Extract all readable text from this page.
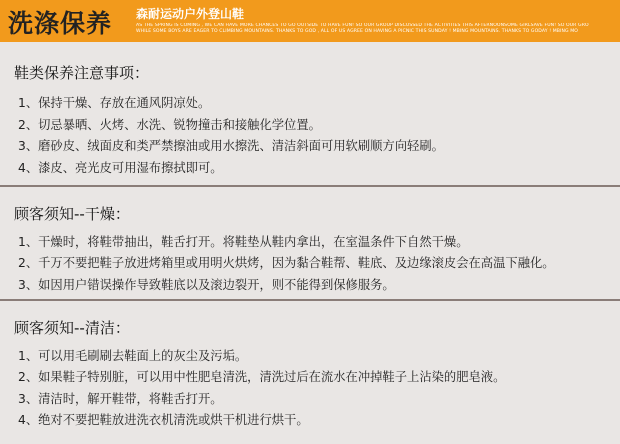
洗涤保养 森耐运动户外登山鞋
AS THE SPRING IS COMING , WE CAN HAVE MORE CHANCES TO GO OUTSIDE TO HAVE FUN! SO OUR GROUP DISCUSSED THE ACTIVITIES THIS AFTERNOONSOME GIRLSAVE FUN! SO OUR GRO
WHILE SOME BOYS ARE EAGER TO CLIMBING MOUNTAINS. THANKS TO GOD , ALL OF US AGREE ON HAVING A PICNIC THIS SUNDAY ! MBING MOUNTAINS. THANKS TO GODAY ! MBING MO
鞋类保养注意事项：
1、保持干燥、存放在通风阴凉处。
2、切忌暴晒、火烤、水洗、锐物撞击和接触化学位置。
3、磨砂皮、绒面皮和类严禁擦油或用水擦洗、清洁斜面可用软刷顺方向轻刷。
4、漆皮、亮光皮可用湿布擦拭即可。
顾客须知--干燥：
1、干燥时，将鞋带抽出，鞋舌打开。将鞋垫从鞋内拿出，在室温条件下自然干燥。
2、千万不要把鞋子放进烤箱里或用明火烘烤，因为黏合鞋帮、鞋底、及边缘滚皮会在高温下融化。
3、如因用户错误操作导致鞋底以及滚边裂开，则不能得到保修服务。
顾客须知--清洁：
1、可以用毛刷刷去鞋面上的灰尘及污垢。
2、如果鞋子特别脏，可以用中性肥皂清洗，清洗过后在流水在冲掉鞋子上沾染的肥皂液。
3、清洁时，解开鞋带，将鞋舌打开。
4、绝对不要把鞋放进洗衣机清洗或烘干机进行烘干。
